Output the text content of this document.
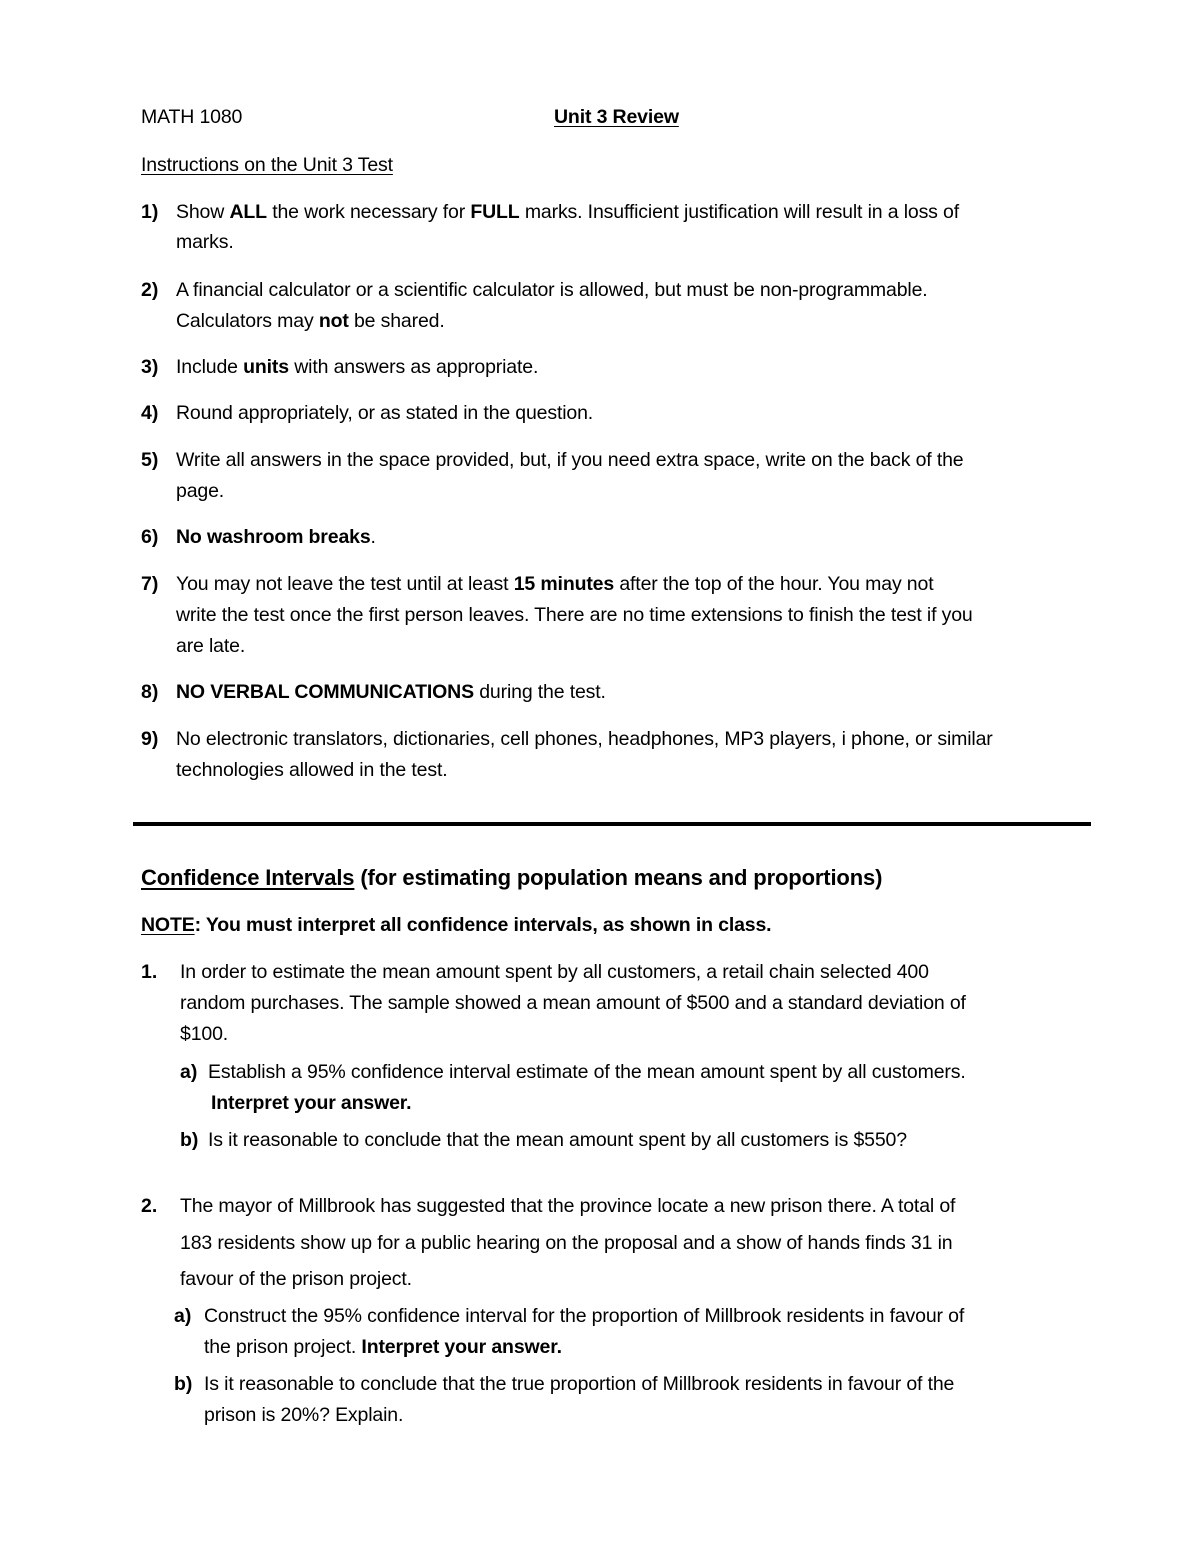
MATH 1080	Unit 3 Review
Instructions on the Unit 3 Test
1) Show ALL the work necessary for FULL marks. Insufficient justification will result in a loss of
marks.
2) A financial calculator or a scientific calculator is allowed, but must be non-programmable.
Calculators may not be shared.
3) Include units with answers as appropriate.
4) Round appropriately, or as stated in the question.
5) Write all answers in the space provided, but, if you need extra space, write on the back of the
page.
6) No washroom breaks.
7) You may not leave the test until at least 15 minutes after the top of the hour. You may not
write the test once the first person leaves. There are no time extensions to finish the test if you
are late.
8) NO VERBAL COMMUNICATIONS during the test.
9) No electronic translators, dictionaries, cell phones, headphones, MP3 players, i phone, or similar
technologies allowed in the test.
Confidence Intervals (for estimating population means and proportions)
NOTE: You must interpret all confidence intervals, as shown in class.
1. In order to estimate the mean amount spent by all customers, a retail chain selected 400
random purchases. The sample showed a mean amount of $500 and a standard deviation of
$100.
a) Establish a 95% confidence interval estimate of the mean amount spent by all customers.
Interpret your answer.
b) Is it reasonable to conclude that the mean amount spent by all customers is $550?
2. The mayor of Millbrook has suggested that the province locate a new prison there. A total of
183 residents show up for a public hearing on the proposal and a show of hands finds 31 in
favour of the prison project.
a) Construct the 95% confidence interval for the proportion of Millbrook residents in favour of
the prison project. Interpret your answer.
b) Is it reasonable to conclude that the true proportion of Millbrook residents in favour of the
prison is 20%? Explain.
